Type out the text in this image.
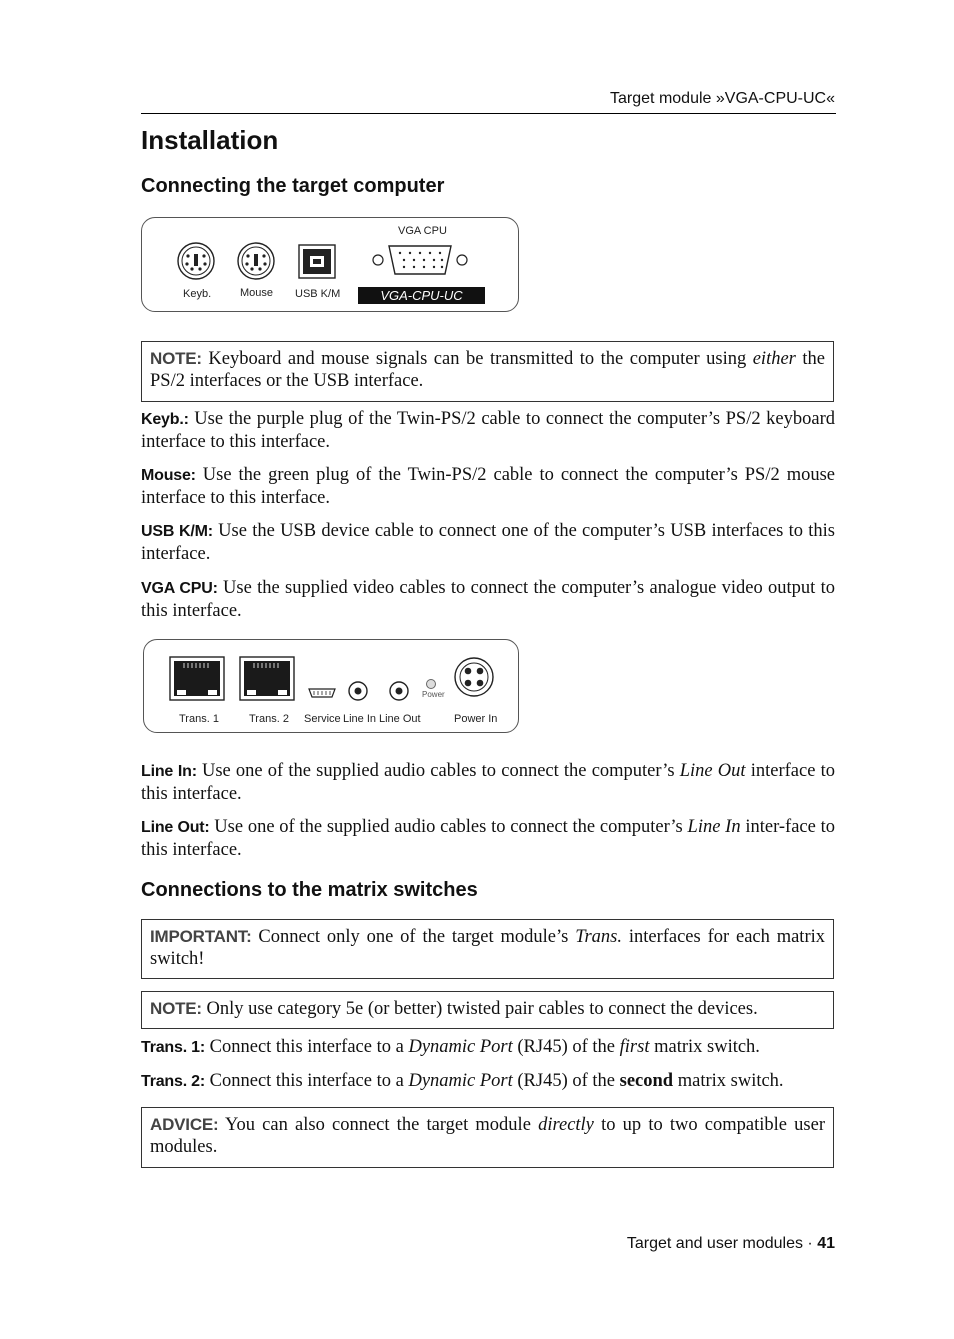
Target module »VGA-CPU-UC«
Installation
Connecting the target computer
VGA CPU
Keyb.	Mouse USB K/M	VGA-CPU-UC
NOTE: Keyboard and mouse signals can be transmitted to the computer using either the PS/2 interfaces or the USB interface.
Keyb.: Use the purple plug of the Twin-PS/2 cable to connect the computer’s PS/2 keyboard interface to this interface.
Mouse: Use the green plug of the Twin-PS/2 cable to connect the computer’s PS/2 mouse interface to this interface.
USB K/M: Use the USB device cable to connect one of the computer’s USB interfaces to this interface.
VGA CPU: Use the supplied video cables to connect the computer’s analogue video output to this interface.
Trans. 1	Trans. 2 Service Line In Line Out
Power
Power In
Line In: Use one of the supplied audio cables to connect the computer’s Line Out interface to this interface.
Line Out: Use one of the supplied audio cables to connect the computer’s Line In inter-face to this interface.
Connections to the matrix switches
IMPORTANT: Connect only one of the target module’s Trans. interfaces for each matrix switch!
NOTE: Only use category 5e (or better) twisted pair cables to connect the devices.
Trans. 1: Connect this interface to a Dynamic Port (RJ45) of the first matrix switch.
Trans. 2: Connect this interface to a Dynamic Port (RJ45) of the second matrix switch.
ADVICE: You can also connect the target module directly to up to two compatible user modules.
Target and user modules · 41
